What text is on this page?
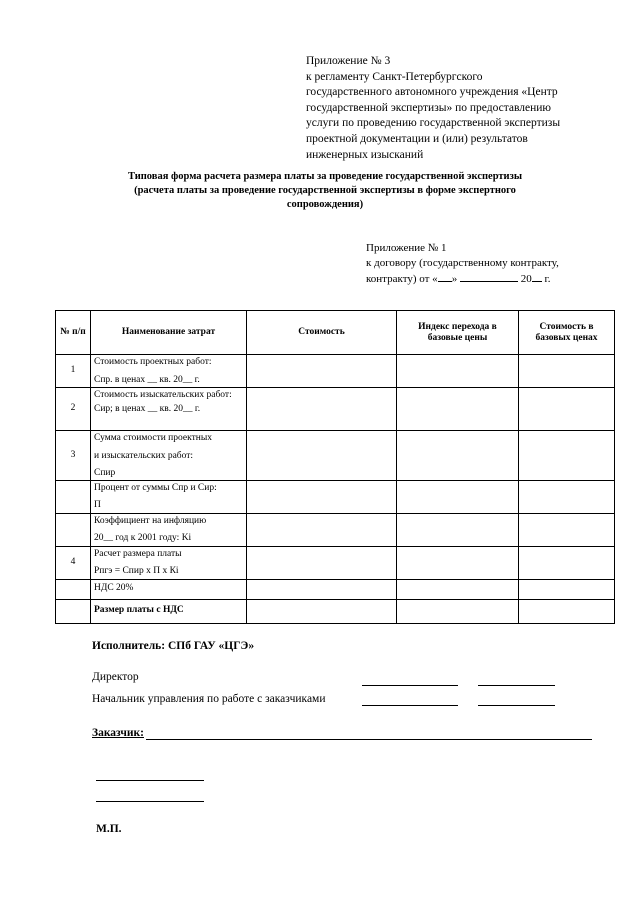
Приложение № 3
к регламенту Санкт-Петербургского
государственного автономного учреждения «Центр
государственной экспертизы» по предоставлению
услуги по проведению государственной экспертизы
проектной документации и (или) результатов
инженерных изысканий
Типовая форма расчета размера платы за проведение государственной экспертизы
(расчета платы за проведение государственной экспертизы в форме экспертного
сопровождения)
Приложение № 1
к договору (государственному контракту,
контракту) от « »	20 г.
№ п/п	Наименование затрат	Стоимость	Индекс перехода в базовые цены	Стоимость в базовых ценах
1	Стоимость проектных работ:
Спр. в ценах __ кв. 20__ г.			

2	Стоимость изыскательских работ:
Сир; в ценах __ кв. 20__ г.			

3	Сумма стоимости проектных
и изыскательских работ:
Спир			

	Процент от суммы Спр и Сир:
П			

	Коэффициент на инфляцию
20__ год к 2001 году: Ki			

4	Расчет размера платы
Рпгэ = Спир х П х Кi			

	НДС 20%			
	Размер платы с НДС			
Исполнитель: СПб ГАУ «ЦГЭ»
Директор
Начальник управления по работе с заказчиками
Заказчик:
М.П.
